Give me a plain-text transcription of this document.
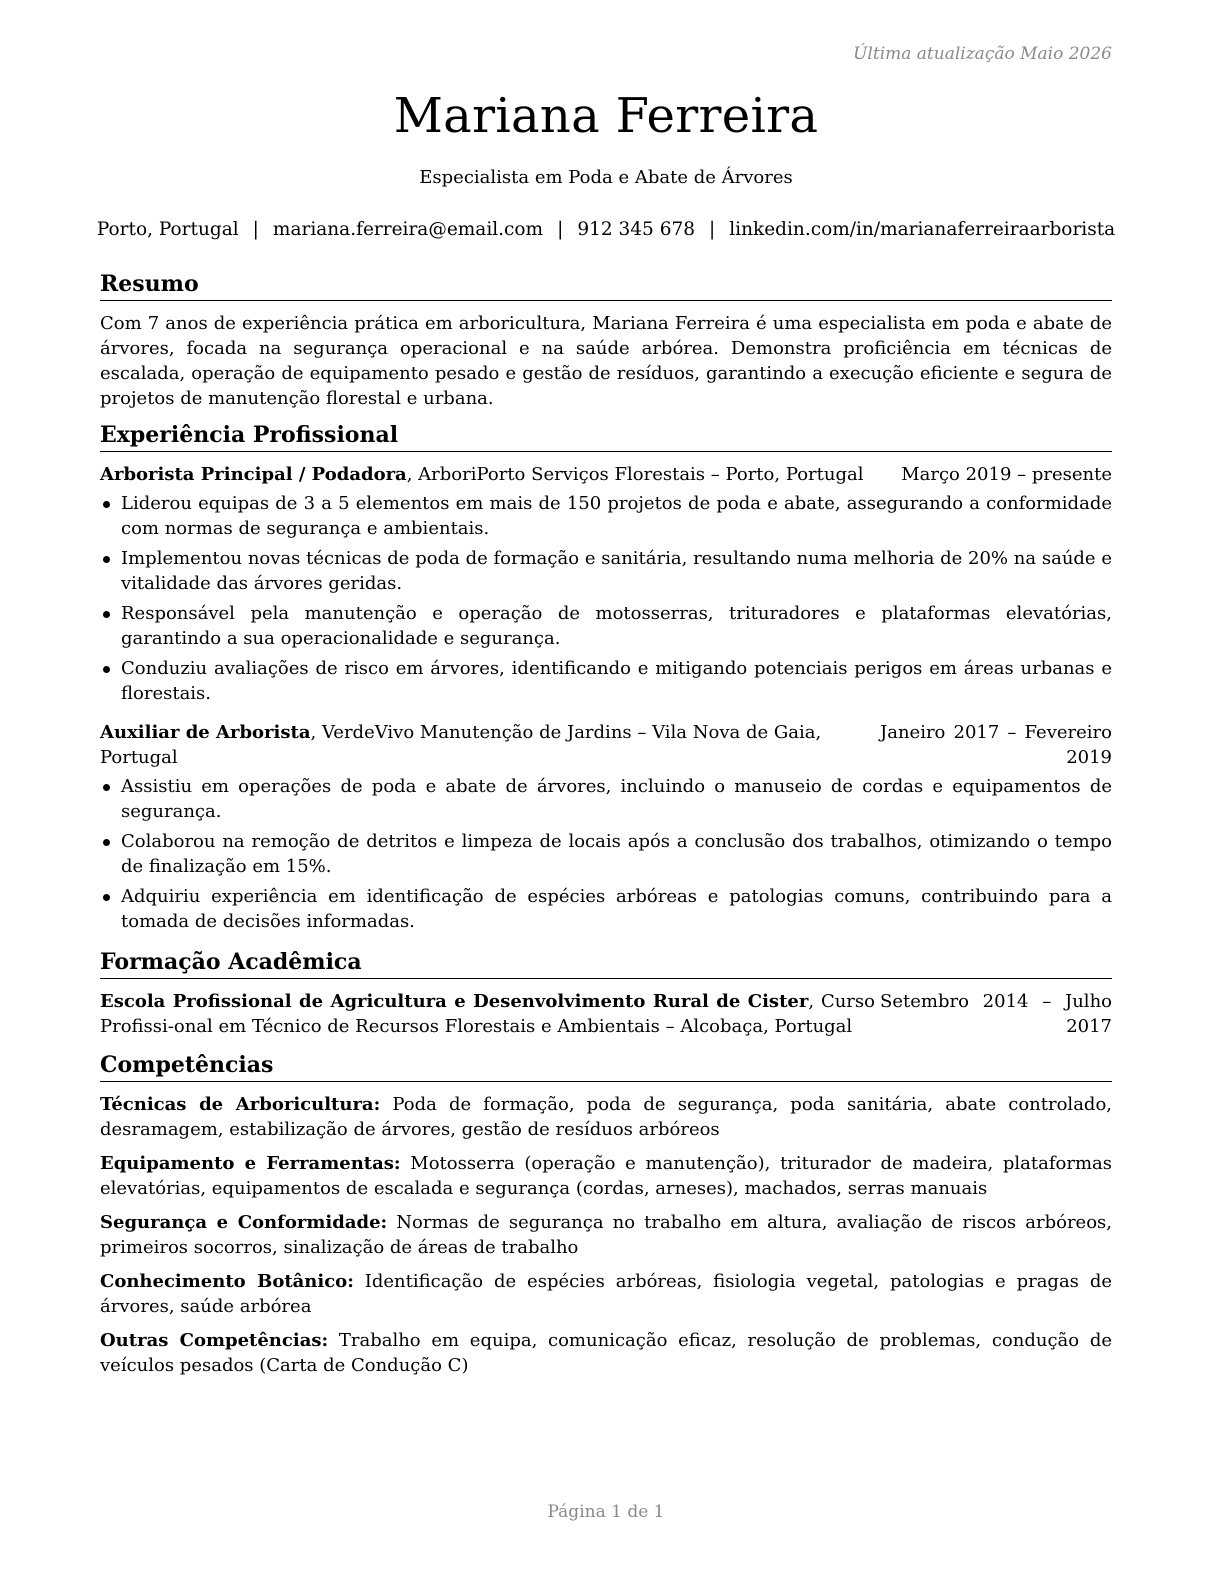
Última atualização Maio 2026
Mariana Ferreira
Especialista em Poda e Abate de Árvores
Porto, Portugal | mariana.ferreira@email.com | 912 345 678 | linkedin.com/in/marianaferreiraarborista
Resumo

Com 7 anos de experiência prática em arboricultura, Mariana Ferreira é uma especialista em poda e abate de árvores, focada na segurança operacional e na saúde arbórea. Demonstra proficiência em técnicas de escalada, operação de equipamento pesado e gestão de resíduos, garantindo a execução eficiente e segura de projetos de manutenção florestal e urbana.

Experiência Profissional
Arborista Principal / Podadora, ArboriPorto Serviços Florestais – Porto, Portugal	Março 2019 – presente
Liderou equipas de 3 a 5 elementos em mais de 150 projetos de poda e abate, assegurando a conformidade com normas de segurança e ambientais.
Implementou novas técnicas de poda de formação e sanitária, resultando numa melhoria de 20% na saúde e vitalidade das árvores geridas.
Responsável pela manutenção e operação de motosserras, trituradores e plataformas elevatórias, garantindo a sua operacionalidade e segurança.
Conduziu avaliações de risco em árvores, identificando e mitigando potenciais perigos em áreas urbanas e florestais.
Auxiliar de Arborista, VerdeVivo Manutenção de Jardins – Vila Nova de Gaia, Portugal
Janeiro 2017 – Fevereiro 2019
Assistiu em operações de poda e abate de árvores, incluindo o manuseio de cordas e equipamentos de segurança.
Colaborou na remoção de detritos e limpeza de locais após a conclusão dos trabalhos, otimizando o tempo de finalização em 15%.
Adquiriu experiência em identificação de espécies arbóreas e patologias comuns, contribuindo para a tomada de decisões informadas.
Formação Acadêmica
Escola Profissional de Agricultura e Desenvolvimento Rural de Cister, Curso Profissi-onal em Técnico de Recursos Florestais e Ambientais – Alcobaça, Portugal
Setembro 2014 – Julho 2017
Competências

Técnicas de Arboricultura: Poda de formação, poda de segurança, poda sanitária, abate controlado, desramagem, estabilização de árvores, gestão de resíduos arbóreos

Equipamento e Ferramentas: Motosserra (operação e manutenção), triturador de madeira, plataformas elevatórias, equipamentos de escalada e segurança (cordas, arneses), machados, serras manuais

Segurança e Conformidade: Normas de segurança no trabalho em altura, avaliação de riscos arbóreos, primeiros socorros, sinalização de áreas de trabalho

Conhecimento Botânico: Identificação de espécies arbóreas, fisiologia vegetal, patologias e pragas de árvores, saúde arbórea

Outras Competências: Trabalho em equipa, comunicação eficaz, resolução de problemas, condução de veículos pesados (Carta de Condução C)

Página 1 de 1
